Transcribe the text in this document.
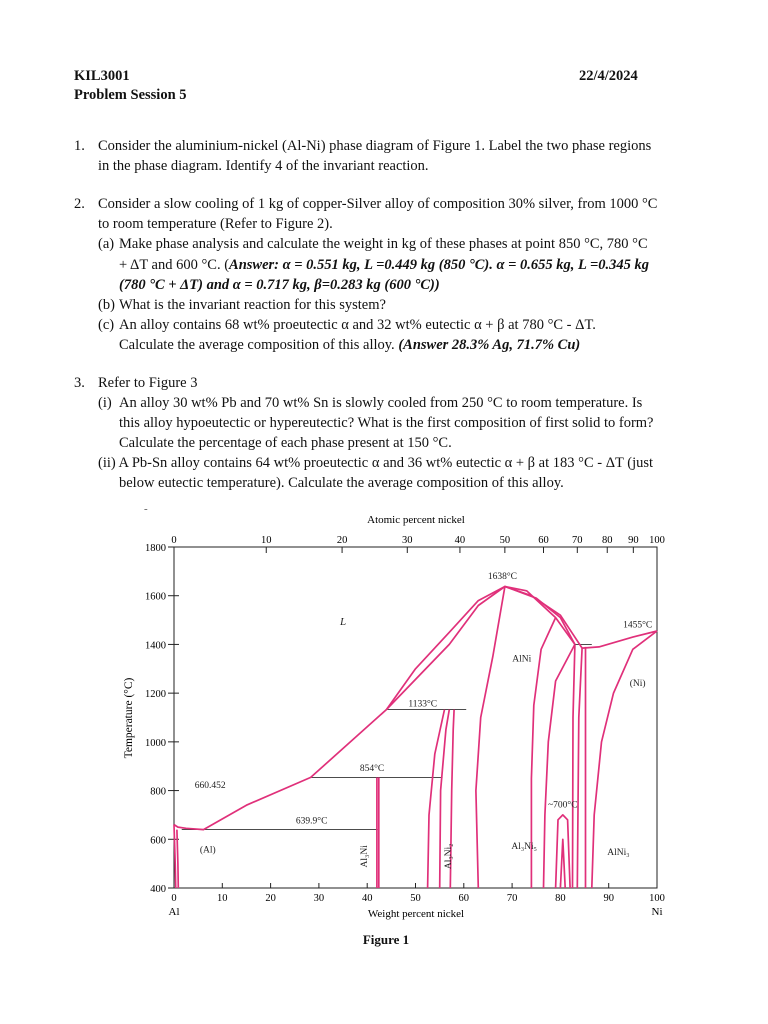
KIL3001
Problem Session 5
22/4/2024
1. Consider the aluminium-nickel (Al-Ni) phase diagram of Figure 1. Label the two phase regions
in the phase diagram. Identify 4 of the invariant reaction.
2. Consider a slow cooling of 1 kg of copper-Silver alloy of composition 30% silver, from 1000 °C
to room temperature (Refer to Figure 2).
(a) Make phase analysis and calculate the weight in kg of these phases at point 850 °C, 780 °C
+ ΔT and 600 °C. (Answer: α = 0.551 kg, L =0.449 kg (850 °C). α = 0.655 kg, L =0.345 kg
(780 °C + ΔT) and α = 0.717 kg, β=0.283 kg (600 °C))
(b) What is the invariant reaction for this system?
(c) An alloy contains 68 wt% proeutectic α and 32 wt% eutectic α + β at 780 °C - ΔT.
Calculate the average composition of this alloy. (Answer 28.3% Ag, 71.7% Cu)
3. Refer to Figure 3
(i) An alloy 30 wt% Pb and 70 wt% Sn is slowly cooled from 250 °C to room temperature. Is
this alloy hypoeutectic or hypereutectic? What is the first composition of first solid to form?
Calculate the percentage of each phase present at 150 °C.
(ii) A Pb-Sn alloy contains 64 wt% proeutectic α and 36 wt% eutectic α + β at 183 °C - ΔT (just
below eutectic temperature). Calculate the average composition of this alloy.
-
Atomic percent nickel
0	10	20	30	40	50	60	70	80	90	100
400
600
800
1000
1200
1400
1600
1800
0	10	20	30	40	50	60 70 80 90 100
L
1638°C
1455°C
AlNi
(Ni)
1133°C
854°C
660.452
639.9°C
(Al)	Al₃Ni₅
AlNi₃
~700°C
Al₃Ni	Al₃Ni₂
Temperature (°C)
Weight percent nickel
Al	Ni
Figure 1
